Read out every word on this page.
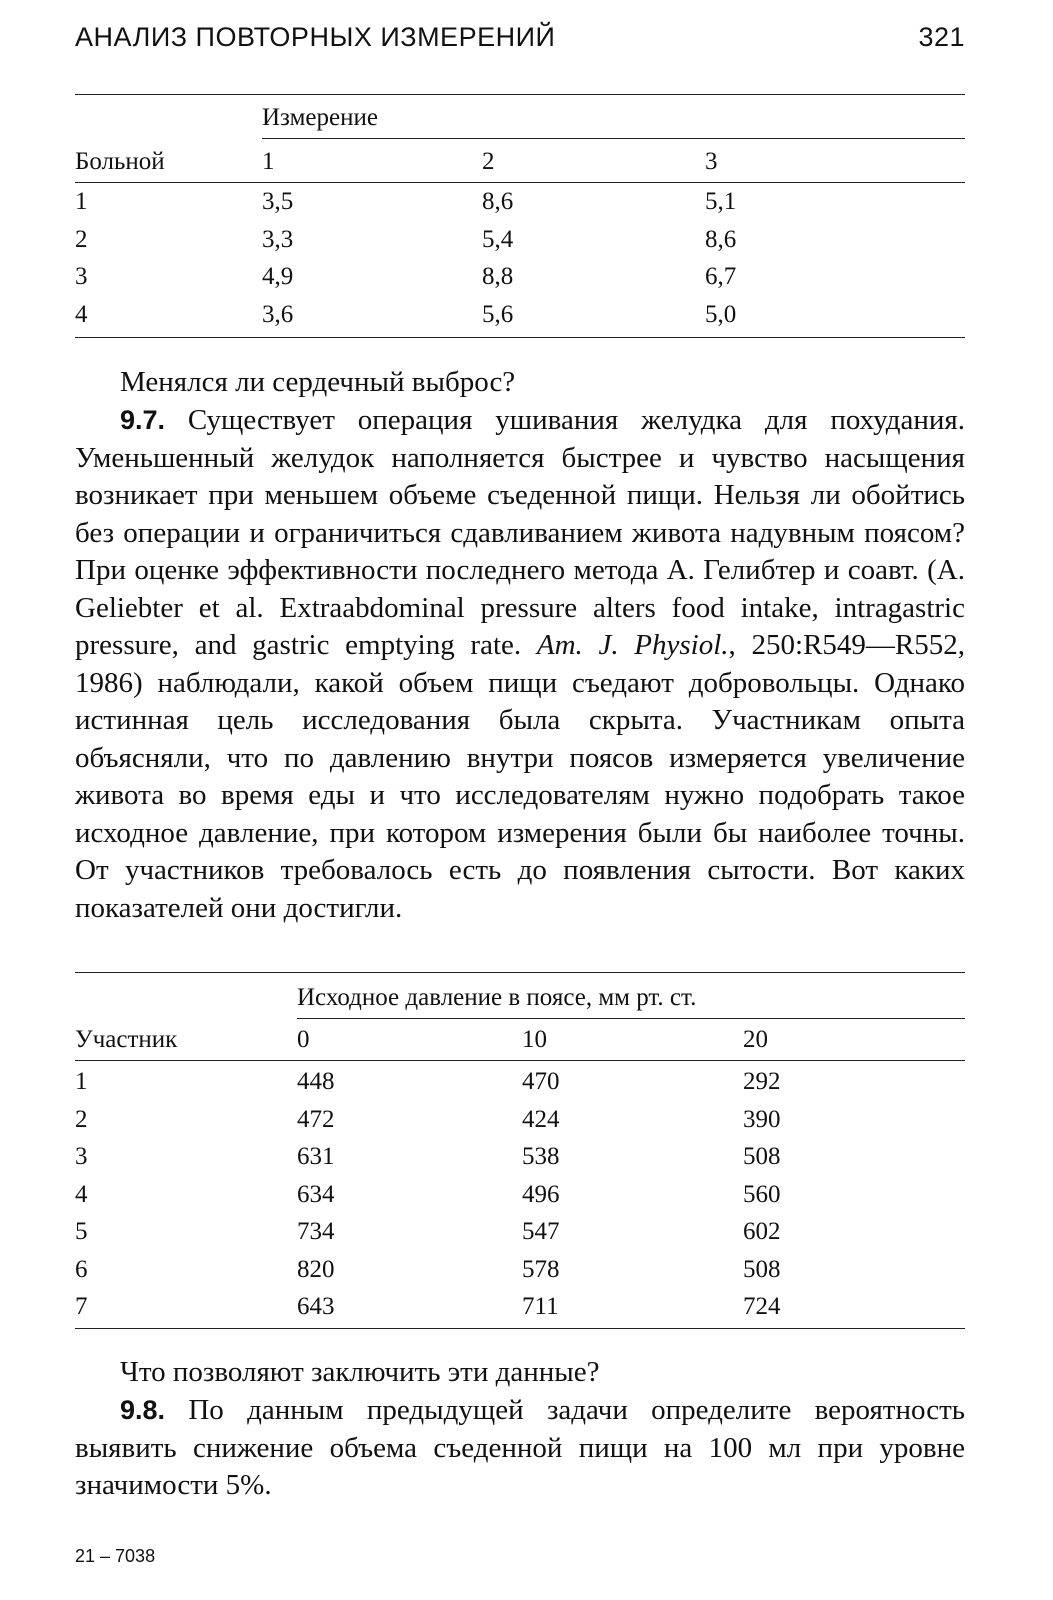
АНАЛИЗ ПОВТОРНЫХ ИЗМЕРЕНИЙ	321
Измерение
Больной	1	2	3
1	3,5	8,6	5,1
2	3,3	5,4	8,6
3	4,9	8,8	6,7
4	3,6	5,6	5,0

Менялся ли сердечный выброс?

9.7. Существует операция ушивания желудка для похудания. Уменьшенный желудок наполняется быстрее и чувство насыщения возникает при меньшем объеме съеденной пищи. Нельзя ли обойтись без операции и ограничиться сдавливанием живота надувным поясом? При оценке эффективности последнего метода А. Гелибтер и соавт. (A. Geliebter et al. Extraabdominal pressure alters food intake, intragastric pressure, and gastric emptying rate. Am. J. Physiol., 250:R549—R552, 1986) наблюдали, какой объем пищи съедают добровольцы. Однако истинная цель исследования была скрыта. Участникам опыта объясняли, что по давлению внутри поясов измеряется увеличение живота во время еды и что исследователям нужно подобрать такое исходное давление, при котором измерения были бы наиболее точны. От участников требовалось есть до появления сытости. Вот каких показателей они достигли.

Исходное давление в поясе, мм рт. ст.
Участник	0	10	20
1	448	470	292
2	472	424	390
3	631	538	508
4	634	496	560
5	734	547	602
6	820	578	508
7	643	711	724

Что позволяют заключить эти данные?

9.8. По данным предыдущей задачи определите вероятность выявить снижение объема съеденной пищи на 100 мл при уровне значимости 5%.

21 – 7038
